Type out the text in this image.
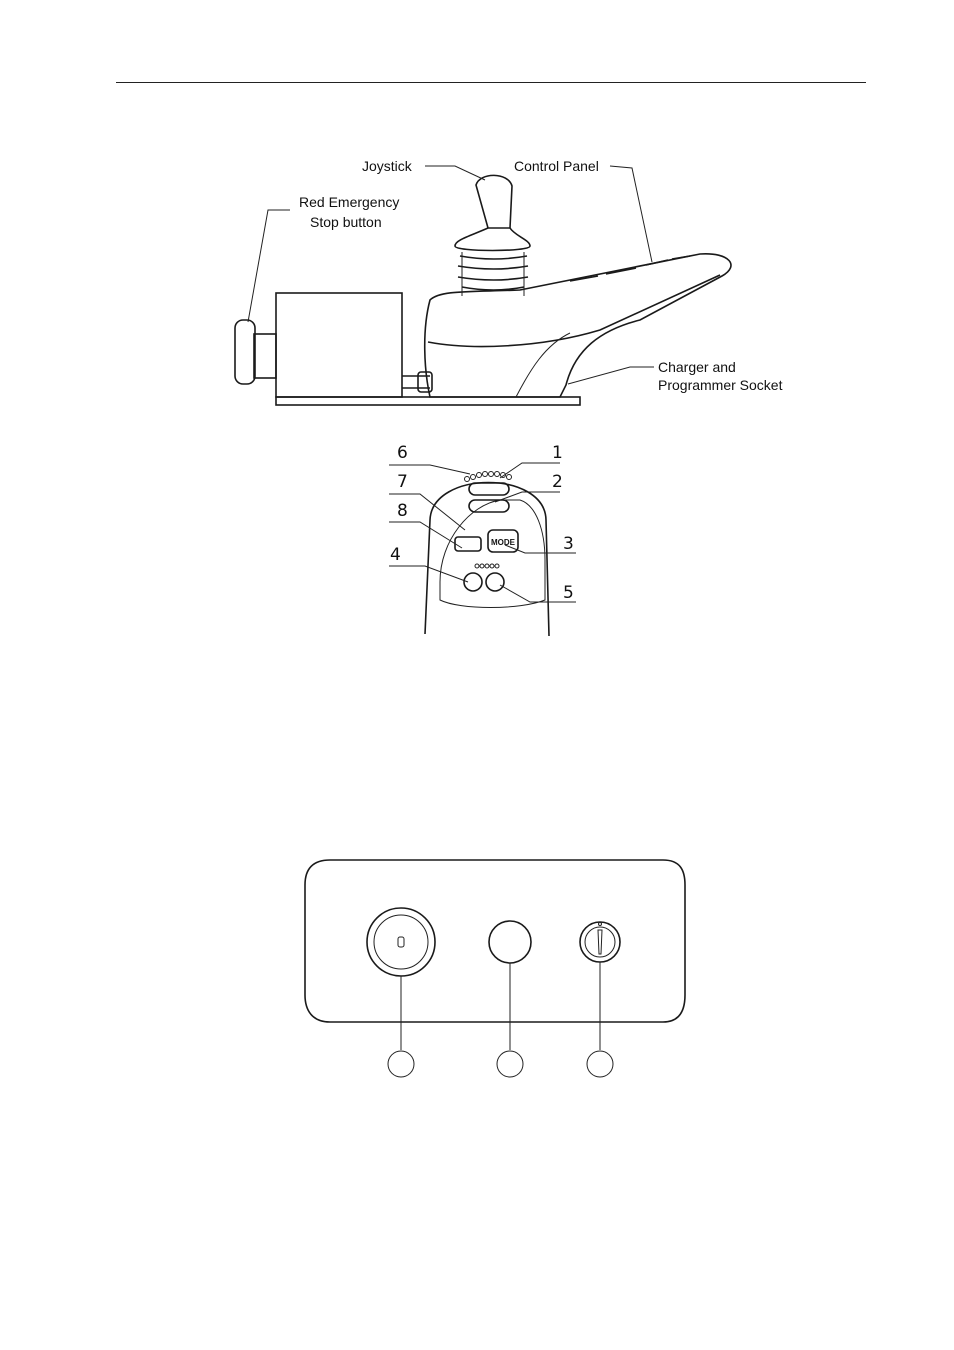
Joystick	Control Panel
Red Emergency
Stop button
Charger and
Programmer Socket
MODE
1
2
3
4
5
6
7
8
